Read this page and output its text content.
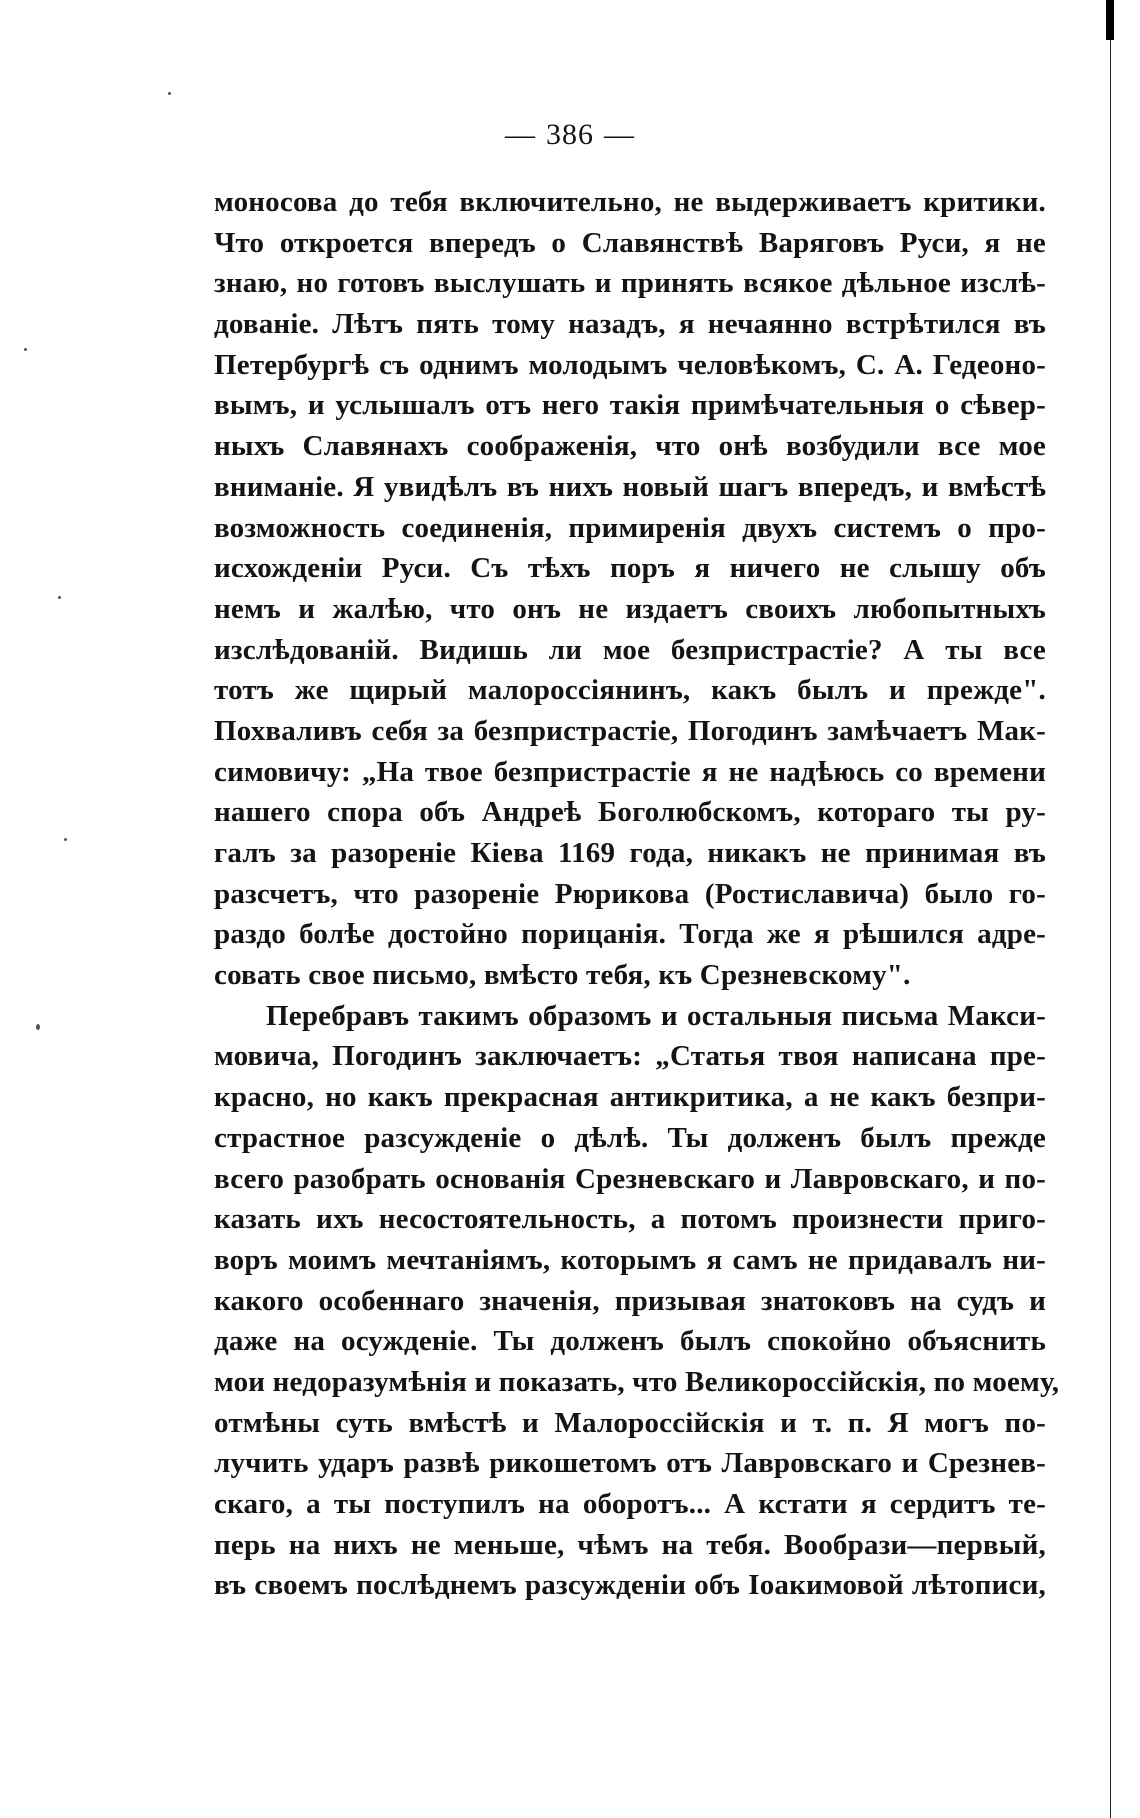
— 386 —
моносова до тебя включительно, не выдерживаетъ критики.
Что откроется впередъ о Славянствѣ Варяговъ Руси, я не
знаю, но готовъ выслушать и принять всякое дѣльное изслѣ-
дованіе. Лѣтъ пять тому назадъ, я нечаянно встрѣтился въ
Петербургѣ съ однимъ молодымъ человѣкомъ, С. А. Гедеоно-
вымъ, и услышалъ отъ него такія примѣчательныя о сѣвер-
ныхъ Славянахъ соображенія, что онѣ возбудили все мое
вниманіе. Я увидѣлъ въ нихъ новый шагъ впередъ, и вмѣстѣ
возможность соединенія, примиренія двухъ системъ о про-
исхожденіи Руси. Съ тѣхъ поръ я ничего не слышу объ
немъ и жалѣю, что онъ не издаетъ своихъ любопытныхъ
изслѣдованій. Видишь ли мое безпристрастіе? А ты все
тотъ же щирый малороссіянинъ, какъ былъ и прежде".
Похваливъ себя за безпристрастіе, Погодинъ замѣчаетъ Мак-
симовичу: „На твое безпристрастіе я не надѣюсь со времени
нашего спора объ Андреѣ Боголюбскомъ, котораго ты ру-
галъ за разореніе Кіева 1169 года, никакъ не принимая въ
разсчетъ, что разореніе Рюрикова (Ростиславича) было го-
раздо болѣе достойно порицанія. Тогда же я рѣшился адре-
совать свое письмо, вмѣсто тебя, къ Срезневскому".
Перебравъ такимъ образомъ и остальныя письма Макси-
мовича, Погодинъ заключаетъ: „Статья твоя написана пре-
красно, но какъ прекрасная антикритика, а не какъ безпри-
страстное разсужденіе о дѣлѣ. Ты долженъ былъ прежде
всего разобрать основанія Срезневскаго и Лавровскаго, и по-
казать ихъ несостоятельность, а потомъ произнести приго-
воръ моимъ мечтаніямъ, которымъ я самъ не придавалъ ни-
какого особеннаго значенія, призывая знатоковъ на судъ и
даже на осужденіе. Ты долженъ былъ спокойно объяснить
мои недоразумѣнія и показать, что Великороссійскія, по моему,
отмѣны суть вмѣстѣ и Малороссійскія и т. п. Я могъ по-
лучить ударъ развѣ рикошетомъ отъ Лавровскаго и Срезнев-
скаго, а ты поступилъ на оборотъ... А кстати я сердитъ те-
перь на нихъ не меньше, чѣмъ на тебя. Вообрази—первый,
въ своемъ послѣднемъ разсужденіи объ Іоакимовой лѣтописи,
